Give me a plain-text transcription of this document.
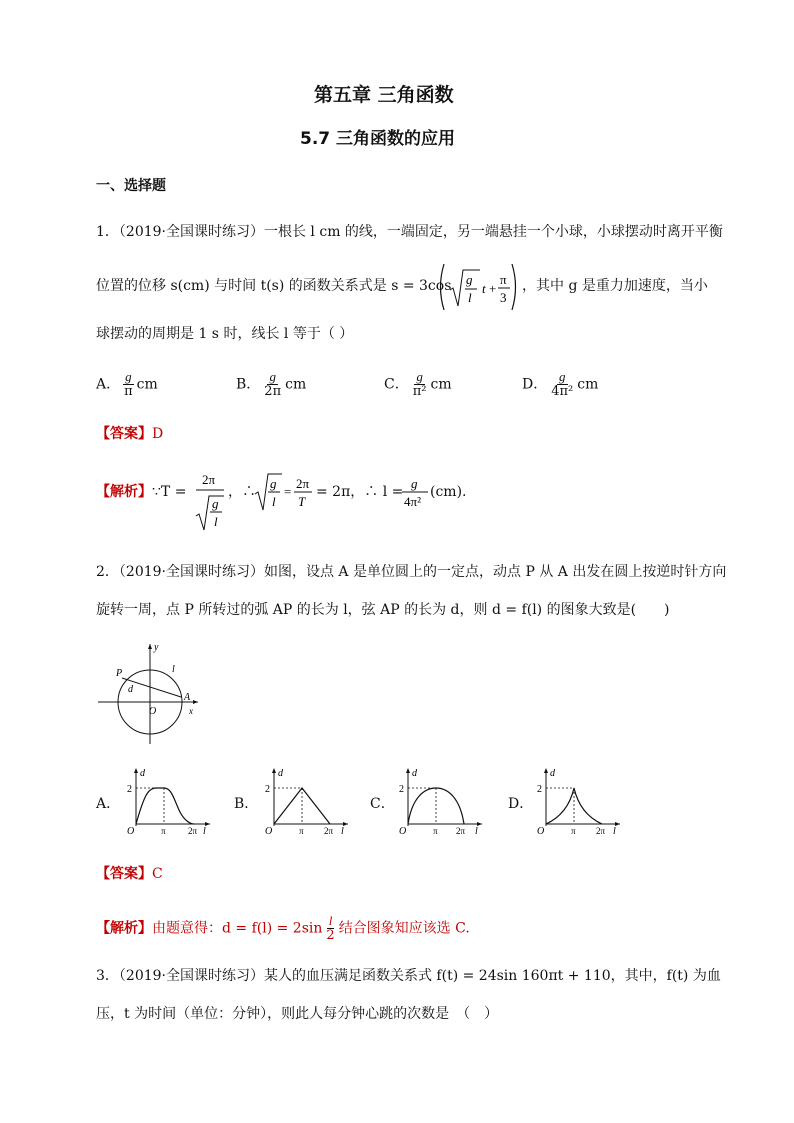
第五章 三角函数
5.7 三角函数的应用
一、选择题
1．（2019·全国课时练习）一根长 l cm 的线，一端固定，另一端悬挂一个小球，小球摆动时离开平衡
位置的位移 s(cm) 与时间 t(s) 的函数关系式是 s = 3cos g
l
t +
π
3
，其中 g 是重力加速度，当小
球摆动的周期是 1 s 时，线长 l 等于（ ）
A． $\frac{g}{\pi}$ cm	B． $\frac{g}{2\pi}$ cm	C． $\frac{g}{\text{π²}}$ cm	D． $\frac{g}{\text{4π²}}$ cm
【答案】D
【解析】 ∵T =
2π
g
l
，∴
g
l
=
2π
T
= 2π，∴ l =
g
4π²
(cm).
2．（2019·全国课时练习）如图，设点 A 是单位圆上的一定点，动点 P 从 A 出发在圆上按逆时针方向
旋转一周，点 P 所转过的弧 AP 的长为 l，弦 AP 的长为 d，则 d = f(l) 的图象大致是(　　)
y
P	l
d
A
O	x
A．	B．	C．	D．
d
2
O	π 2π l
d
2
O	π 2π l
d
2
O	π 2π l
d
2
O	π 2π l
【答案】C
【解析】由题意得：$d = f(l) = 2\sin \frac{l}{2}$ 结合图象知应该选 C.
3．（2019·全国课时练习）某人的血压满足函数关系式 f(t) = 24sin 160πt + 110，其中，f(t) 为血
压，t 为时间（单位：分钟），则此人每分钟心跳的次数是　（　）
